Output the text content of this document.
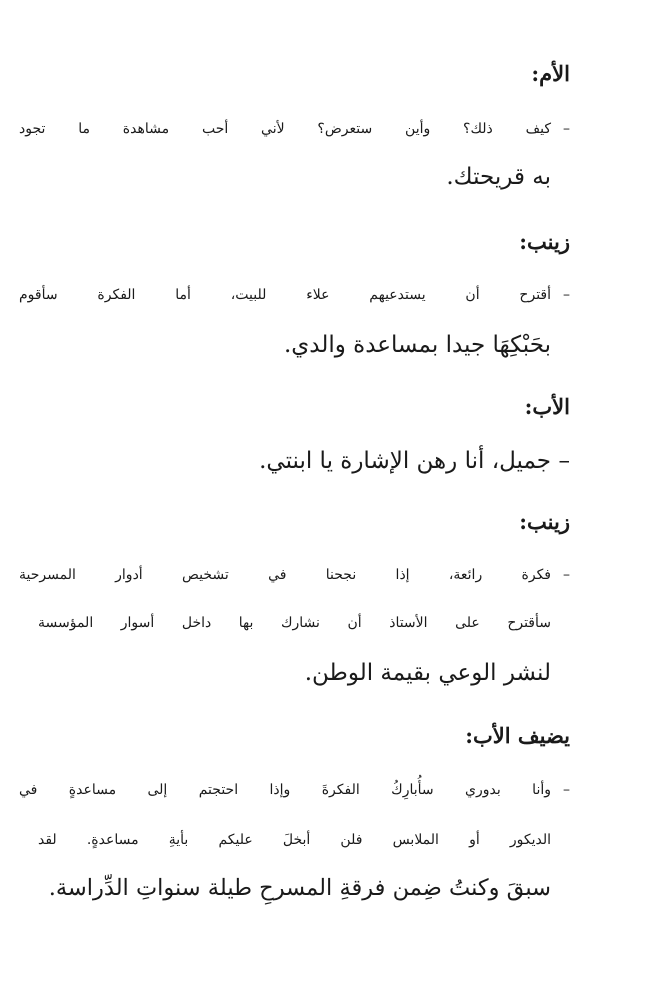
الأم:
–كيف ذلك؟ وأين ستعرض؟ لأني أحب مشاهدة ما تجود
به قريحتك.
زينب:
–أقترح أن يستدعيهم علاء للبيت، أما الفكرة سأقوم
بحَبْكِهَا جيدا بمساعدة والدي.
الأب:
–جميل، أنا رهن الإشارة يا ابنتي.
زينب:
–فكرة رائعة، إذا نجحنا في تشخيص أدوار المسرحية
سأقترح على الأستاذ أن نشارك بها داخل أسوار المؤسسة
لنشر الوعي بقيمة الوطن.
يضيف الأب:
–وأنا بدوري سأُبارِكُ الفكرةَ وإذا احتجتم إلى مساعدةٍ في
الديكور أو الملابس فلن أبخلَ عليكم بأيةِ مساعدةٍ. لقد
سبقَ وكنتُ ضِمن فرقةِ المسرحِ طيلة سنواتِ الدِّراسة.
